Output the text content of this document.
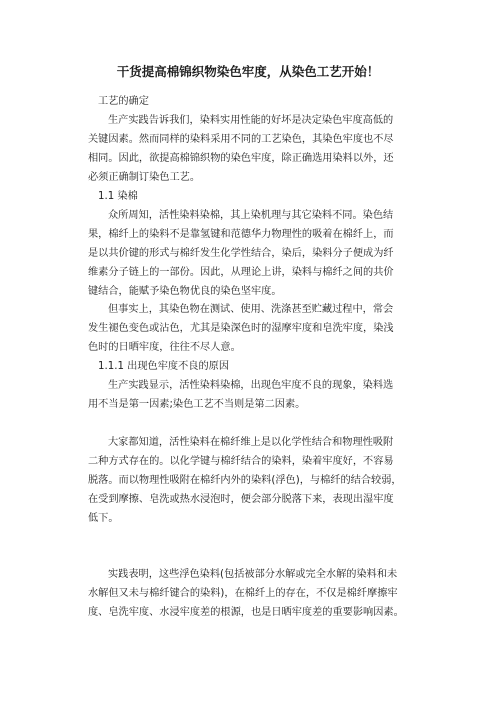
干货提高棉锦织物染色牢度，从染色工艺开始！
工艺的确定
生产实践告诉我们，染料实用性能的好坏是决定染色牢度高低的
关键因素。然而同样的染料采用不同的工艺染色，其染色牢度也不尽
相同。因此，欲提高棉锦织物的染色牢度，除正确选用染料以外，还
必须正确制订染色工艺。
1.1 染棉
众所周知，活性染料染棉，其上染机理与其它染料不同。染色结
果，棉纤上的染料不是靠氢键和范德华力物理性的吸着在棉纤上，而
是以共价键的形式与棉纤发生化学性结合，染后，染料分子便成为纤
维素分子链上的一部份。因此，从理论上讲，染料与棉纤之间的共价
键结合，能赋予染色物优良的染色坚牢度。
但事实上，其染色物在测试、使用、洗涤甚至贮藏过程中，常会
发生褪色变色或沾色，尤其是染深色时的湿摩牢度和皂洗牢度，染浅
色时的日晒牢度，往往不尽人意。
1.1.1 出现色牢度不良的原因
生产实践显示，活性染料染棉，出现色牢度不良的现象，染料选
用不当是第一因素;染色工艺不当则是第二因素。
大家都知道，活性染料在棉纤维上是以化学性结合和物理性吸附
二种方式存在的。以化学键与棉纤结合的染料，染着牢度好，不容易
脱落。而以物理性吸附在棉纤内外的染料(浮色)，与棉纤的结合较弱，
在受到摩擦、皂洗或热水浸泡时，便会部分脱落下来，表现出湿牢度
低下。
实践表明，这些浮色染料(包括被部分水解或完全水解的染料和未
水解但又未与棉纤键合的染料)，在棉纤上的存在，不仅是棉纤摩擦牢
度、皂洗牢度、水浸牢度差的根源，也是日晒牢度差的重要影响因素。
